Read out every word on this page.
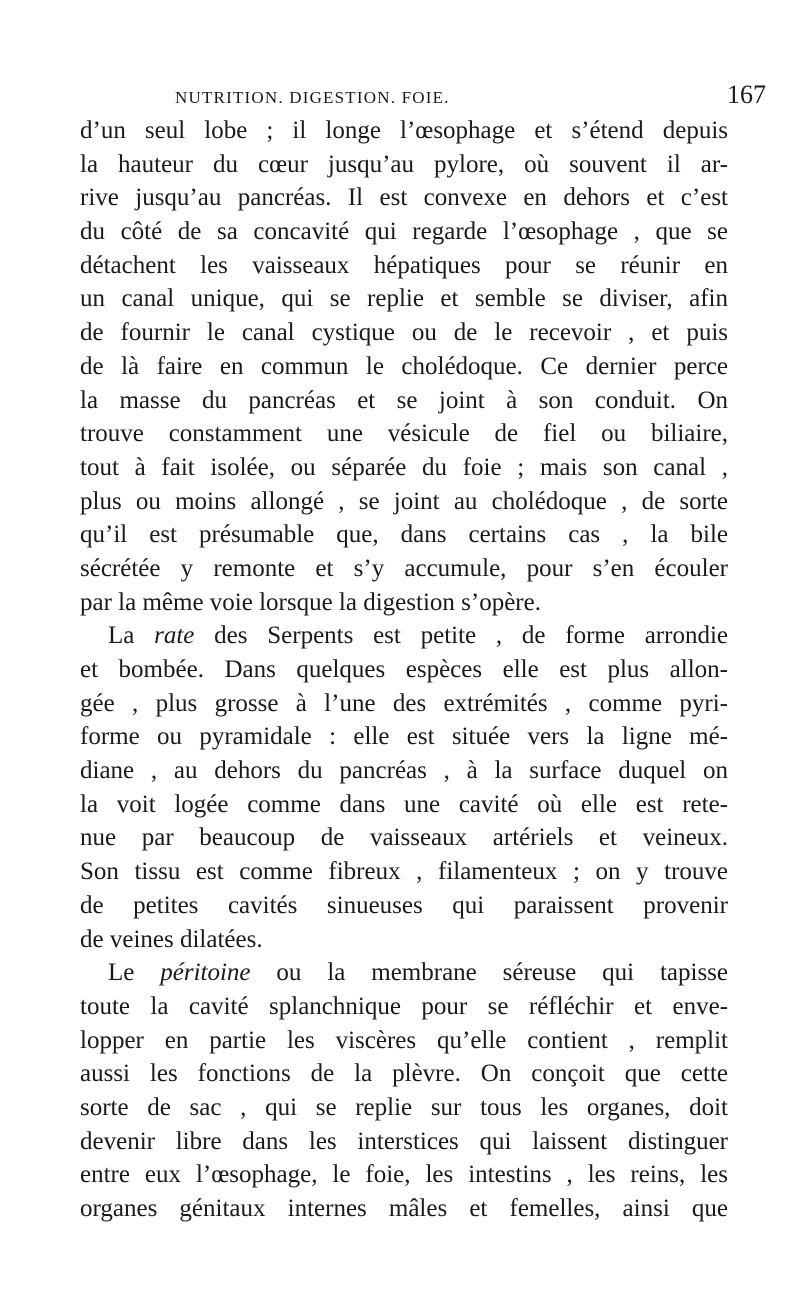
NUTRITION. DIGESTION. FOIE.	167
d’un seul lobe ; il longe l’œsophage et s’étend depuis
la hauteur du cœur jusqu’au pylore, où souvent il ar-
rive jusqu’au pancréas. Il est convexe en dehors et c’est
du côté de sa concavité qui regarde l’œsophage , que se
détachent les vaisseaux hépatiques pour se réunir en
un canal unique, qui se replie et semble se diviser, afin
de fournir le canal cystique ou de le recevoir , et puis
de là faire en commun le cholédoque. Ce dernier perce
la masse du pancréas et se joint à son conduit. On
trouve constamment une vésicule de fiel ou biliaire,
tout à fait isolée, ou séparée du foie ; mais son canal ,
plus ou moins allongé , se joint au cholédoque , de sorte
qu’il est présumable que, dans certains cas , la bile
sécrétée y remonte et s’y accumule, pour s’en écouler
par la même voie lorsque la digestion s’opère.
La rate des Serpents est petite , de forme arrondie
et bombée. Dans quelques espèces elle est plus allon-
gée , plus grosse à l’une des extrémités , comme pyri-
forme ou pyramidale : elle est située vers la ligne mé-
diane , au dehors du pancréas , à la surface duquel on
la voit logée comme dans une cavité où elle est rete-
nue par beaucoup de vaisseaux artériels et veineux.
Son tissu est comme fibreux , filamenteux ; on y trouve
de petites cavités sinueuses qui paraissent provenir
de veines dilatées.
Le péritoine ou la membrane séreuse qui tapisse
toute la cavité splanchnique pour se réfléchir et enve-
lopper en partie les viscères qu’elle contient , remplit
aussi les fonctions de la plèvre. On conçoit que cette
sorte de sac , qui se replie sur tous les organes, doit
devenir libre dans les interstices qui laissent distinguer
entre eux l’œsophage, le foie, les intestins , les reins, les
organes génitaux internes mâles et femelles, ainsi que
